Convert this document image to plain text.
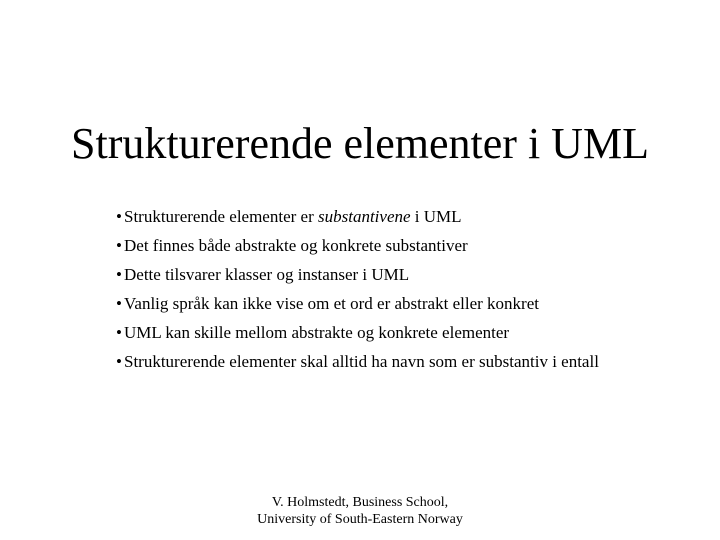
Strukturerende elementer i UML
• Strukturerende elementer er substantivene i UML
• Det finnes både abstrakte og konkrete substantiver
• Dette tilsvarer klasser og instanser i UML
• Vanlig språk kan ikke vise om et ord er abstrakt eller konkret
• UML kan skille mellom abstrakte og konkrete elementer
• Strukturerende elementer skal alltid ha navn som er substantiv i entall
V. Holmstedt, Business School,
University of South-Eastern Norway
